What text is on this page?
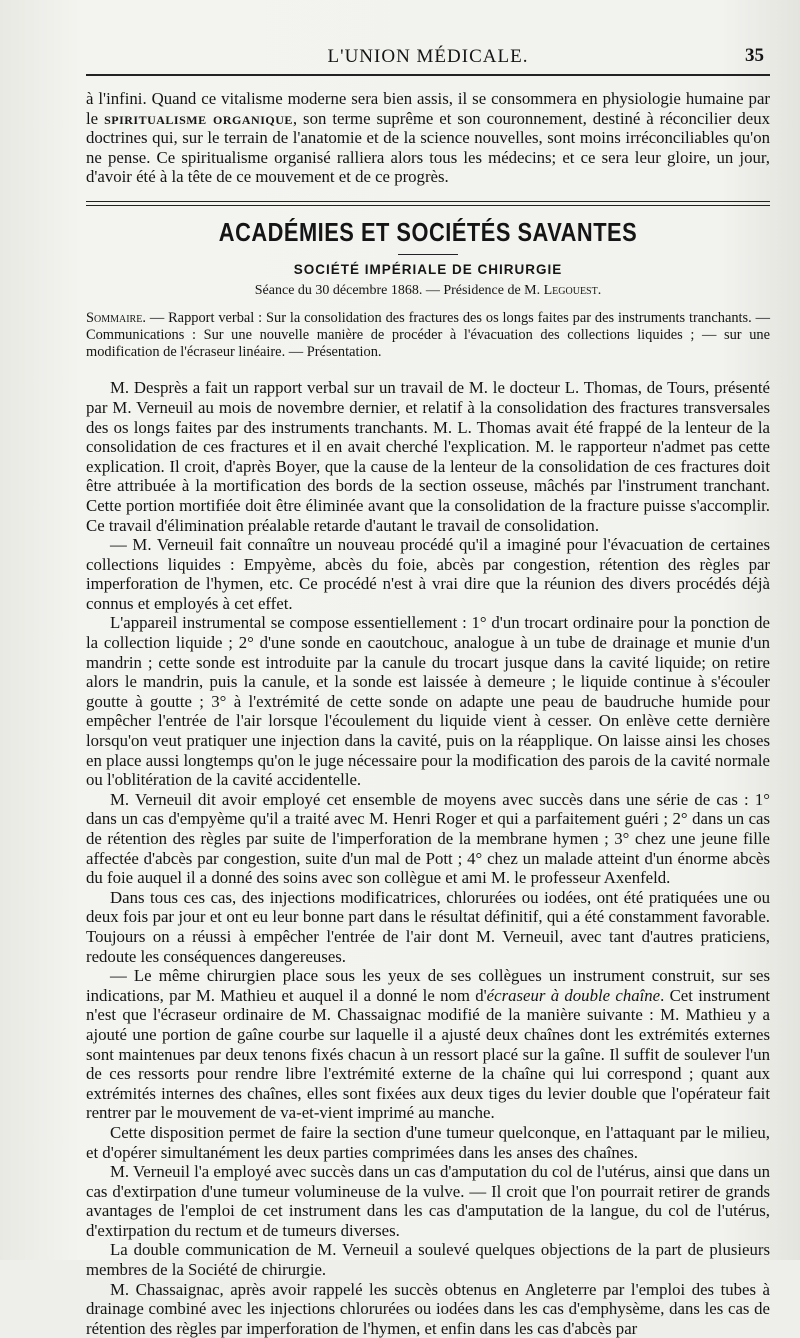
L'UNION MÉDICALE.	35

à l'infini. Quand ce vitalisme moderne sera bien assis, il se consommera en physiologie humaine par le spiritualisme organique, son terme suprême et son couronnement, destiné à réconcilier deux doctrines qui, sur le terrain de l'anatomie et de la science nouvelles, sont moins irréconciliables qu'on ne pense. Ce spiritualisme organisé ralliera alors tous les médecins; et ce sera leur gloire, un jour, d'avoir été à la tête de ce mouvement et de ce progrès.

ACADÉMIES ET SOCIÉTÉS SAVANTES
SOCIÉTÉ IMPÉRIALE DE CHIRURGIE
Séance du 30 décembre 1868. — Présidence de M. Legouest.
Sommaire. — Rapport verbal : Sur la consolidation des fractures des os longs faites par des instruments tranchants. — Communications : Sur une nouvelle manière de procéder à l'évacuation des collections liquides ; — sur une modification de l'écraseur linéaire. — Présentation.

M. Desprès a fait un rapport verbal sur un travail de M. le docteur L. Thomas, de Tours, présenté par M. Verneuil au mois de novembre dernier, et relatif à la consolidation des fractures transversales des os longs faites par des instruments tranchants. M. L. Thomas avait été frappé de la lenteur de la consolidation de ces fractures et il en avait cherché l'explication. M. le rapporteur n'admet pas cette explication. Il croit, d'après Boyer, que la cause de la lenteur de la consolidation de ces fractures doit être attribuée à la mortification des bords de la section osseuse, mâchés par l'instrument tranchant. Cette portion mortifiée doit être éliminée avant que la consolidation de la fracture puisse s'accomplir. Ce travail d'élimination préalable retarde d'autant le travail de consolidation.

— M. Verneuil fait connaître un nouveau procédé qu'il a imaginé pour l'évacuation de certaines collections liquides : Empyème, abcès du foie, abcès par congestion, rétention des règles par imperforation de l'hymen, etc. Ce procédé n'est à vrai dire que la réunion des divers procédés déjà connus et employés à cet effet.

L'appareil instrumental se compose essentiellement : 1° d'un trocart ordinaire pour la ponction de la collection liquide ; 2° d'une sonde en caoutchouc, analogue à un tube de drainage et munie d'un mandrin ; cette sonde est introduite par la canule du trocart jusque dans la cavité liquide; on retire alors le mandrin, puis la canule, et la sonde est laissée à demeure ; le liquide continue à s'écouler goutte à goutte ; 3° à l'extrémité de cette sonde on adapte une peau de baudruche humide pour empêcher l'entrée de l'air lorsque l'écoulement du liquide vient à cesser. On enlève cette dernière lorsqu'on veut pratiquer une injection dans la cavité, puis on la réapplique. On laisse ainsi les choses en place aussi longtemps qu'on le juge nécessaire pour la modification des parois de la cavité normale ou l'oblitération de la cavité accidentelle.

M. Verneuil dit avoir employé cet ensemble de moyens avec succès dans une série de cas : 1° dans un cas d'empyème qu'il a traité avec M. Henri Roger et qui a parfaitement guéri ; 2° dans un cas de rétention des règles par suite de l'imperforation de la membrane hymen ; 3° chez une jeune fille affectée d'abcès par congestion, suite d'un mal de Pott ; 4° chez un malade atteint d'un énorme abcès du foie auquel il a donné des soins avec son collègue et ami M. le professeur Axenfeld.

Dans tous ces cas, des injections modificatrices, chlorurées ou iodées, ont été pratiquées une ou deux fois par jour et ont eu leur bonne part dans le résultat définitif, qui a été constamment favorable. Toujours on a réussi à empêcher l'entrée de l'air dont M. Verneuil, avec tant d'autres praticiens, redoute les conséquences dangereuses.

— Le même chirurgien place sous les yeux de ses collègues un instrument construit, sur ses indications, par M. Mathieu et auquel il a donné le nom d'écraseur à double chaîne. Cet instrument n'est que l'écraseur ordinaire de M. Chassaignac modifié de la manière suivante : M. Mathieu y a ajouté une portion de gaîne courbe sur laquelle il a ajusté deux chaînes dont les extrémités externes sont maintenues par deux tenons fixés chacun à un ressort placé sur la gaîne. Il suffit de soulever l'un de ces ressorts pour rendre libre l'extrémité externe de la chaîne qui lui correspond ; quant aux extrémités internes des chaînes, elles sont fixées aux deux tiges du levier double que l'opérateur fait rentrer par le mouvement de va-et-vient imprimé au manche.

Cette disposition permet de faire la section d'une tumeur quelconque, en l'attaquant par le milieu, et d'opérer simultanément les deux parties comprimées dans les anses des chaînes.

M. Verneuil l'a employé avec succès dans un cas d'amputation du col de l'utérus, ainsi que dans un cas d'extirpation d'une tumeur volumineuse de la vulve. — Il croit que l'on pourrait retirer de grands avantages de l'emploi de cet instrument dans les cas d'amputation de la langue, du col de l'utérus, d'extirpation du rectum et de tumeurs diverses.

La double communication de M. Verneuil a soulevé quelques objections de la part de plusieurs membres de la Société de chirurgie.

M. Chassaignac, après avoir rappelé les succès obtenus en Angleterre par l'emploi des tubes à drainage combiné avec les injections chlorurées ou iodées dans les cas d'emphysème, dans les cas de rétention des règles par imperforation de l'hymen, et enfin dans les cas d'abcès par
